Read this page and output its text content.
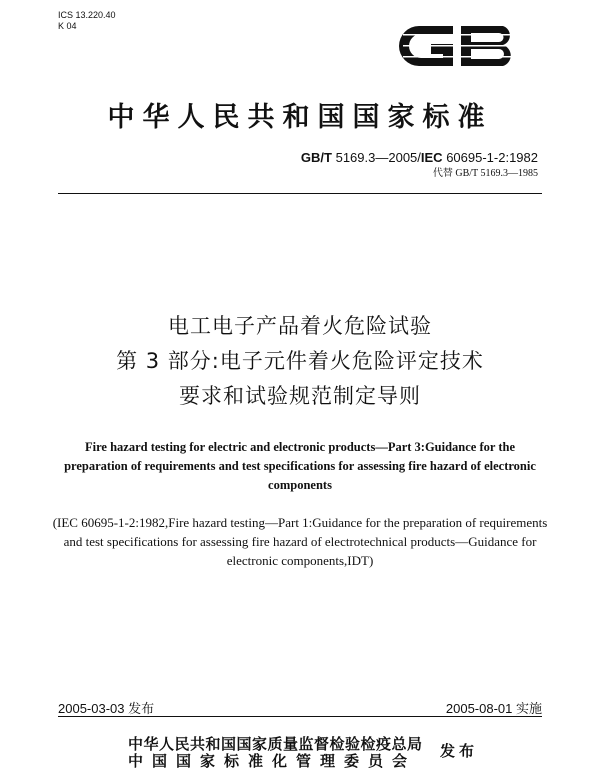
ICS 13.220.40
K 04
GB
中华人民共和国国家标准
GB/T 5169.3—2005/IEC 60695-1-2:1982
代替 GB/T 5169.3—1985
电工电子产品着火危险试验
第 3 部分:电子元件着火危险评定技术
要求和试验规范制定导则
Fire hazard testing for electric and electronic products—Part 3:Guidance for the preparation of requirements and test specifications for assessing fire hazard of electronic components
(IEC 60695-1-2:1982,Fire hazard testing—Part 1:Guidance for the preparation of requirements and test specifications for assessing fire hazard of electrotechnical products—Guidance for electronic components,IDT)
2005-03-03 发布	2005-08-01 实施
中华人民共和国国家质量监督检验检疫总局
中国国家标准化管理委员会
发布
